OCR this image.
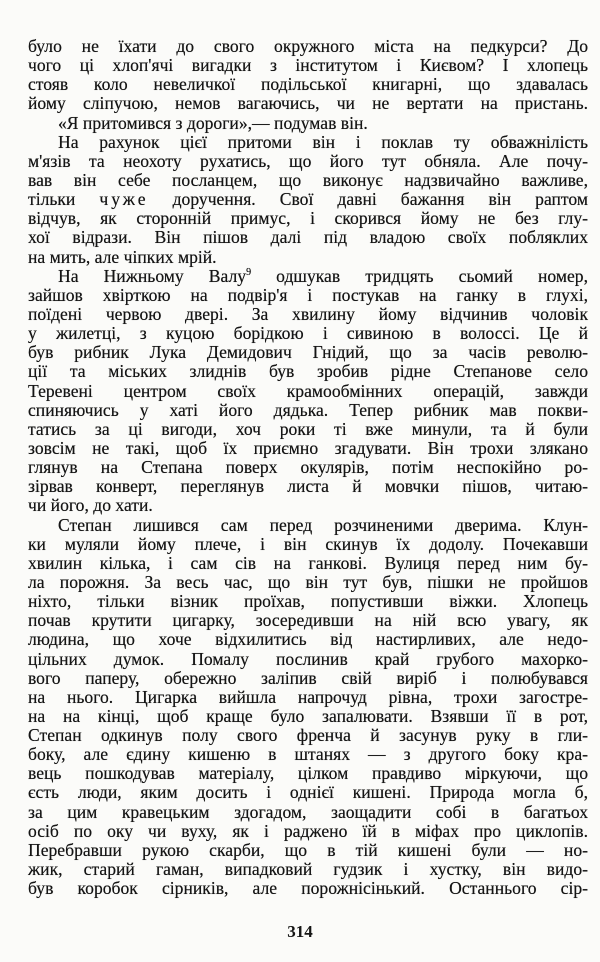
було не їхати до свого окружного міста на педкурси? До
чого ці хлоп'ячі вигадки з інститутом і Києвом? І хлопець
стояв коло невеличкої подільської книгарні, що здавалась
йому сліпучою, немов вагаючись, чи не вертати на пристань.
«Я притомився з дороги»,— подумав він.
На рахунок цієї притоми він і поклав ту обважнілість
м'язів та неохоту рухатись, що його тут обняла. Але почу-
вав він себе посланцем, що виконує надзвичайно важливе,
тільки чуже доручення. Свої давні бажання він раптом
відчув, як сторонній примус, і скорився йому не без глу-
хої відрази. Він пішов далі під владою своїх побляклих
на мить, але чіпких мрій.
На Нижньому Валу$^9$ одшукав тридцять сьомий номер,
зайшов хвірткою на подвір'я і постукав на ганку в глухі,
поїдені червою двері. За хвилину йому відчинив чоловік
у жилетці, з куцою борідкою і сивиною в волоссі. Це й
був рибник Лука Демидович Гнідий, що за часів револю-
ції та міських злиднів був зробив рідне Степанове село
Теревені центром своїх крамообмінних операцій, завжди
спиняючись у хаті його дядька. Тепер рибник мав покви-
татись за ці вигоди, хоч роки ті вже минули, та й були
зовсім не такі, щоб їх приємно згадувати. Він трохи злякано
глянув на Степана поверх окулярів, потім неспокійно ро-
зірвав конверт, переглянув листа й мовчки пішов, читаю-
чи його, до хати.
Степан лишився сам перед розчиненими дверима. Клун-
ки муляли йому плече, і він скинув їх додолу. Почекавши
хвилин кілька, і сам сів на ганкові. Вулиця перед ним бу-
ла порожня. За весь час, що він тут був, пішки не пройшов
ніхто, тільки візник проїхав, попустивши віжки. Хлопець
почав крутити цигарку, зосередивши на ній всю увагу, як
людина, що хоче відхилитись від настирливих, але недо-
цільних думок. Помалу послинив край грубого махорко-
вого паперу, обережно заліпив свій виріб і полюбувався
на нього. Цигарка вийшла напрочуд рівна, трохи загостре-
на на кінці, щоб краще було запалювати. Взявши її в рот,
Степан одкинув полу свого френча й засунув руку в гли-
боку, але єдину кишеню в штанях — з другого боку кра-
вець пошкодував матеріалу, цілком правдиво міркуючи, що
єсть люди, яким досить і однієї кишені. Природа могла б,
за цим кравецьким здогадом, заощадити собі в багатьох
осіб по оку чи вуху, як і раджено їй в міфах про циклопів.
Перебравши рукою скарби, що в тій кишені були — но-
жик, старий гаман, випадковий гудзик і хустку, він видо-
був коробок сірників, але порожнісінький. Останнього сір-
314
